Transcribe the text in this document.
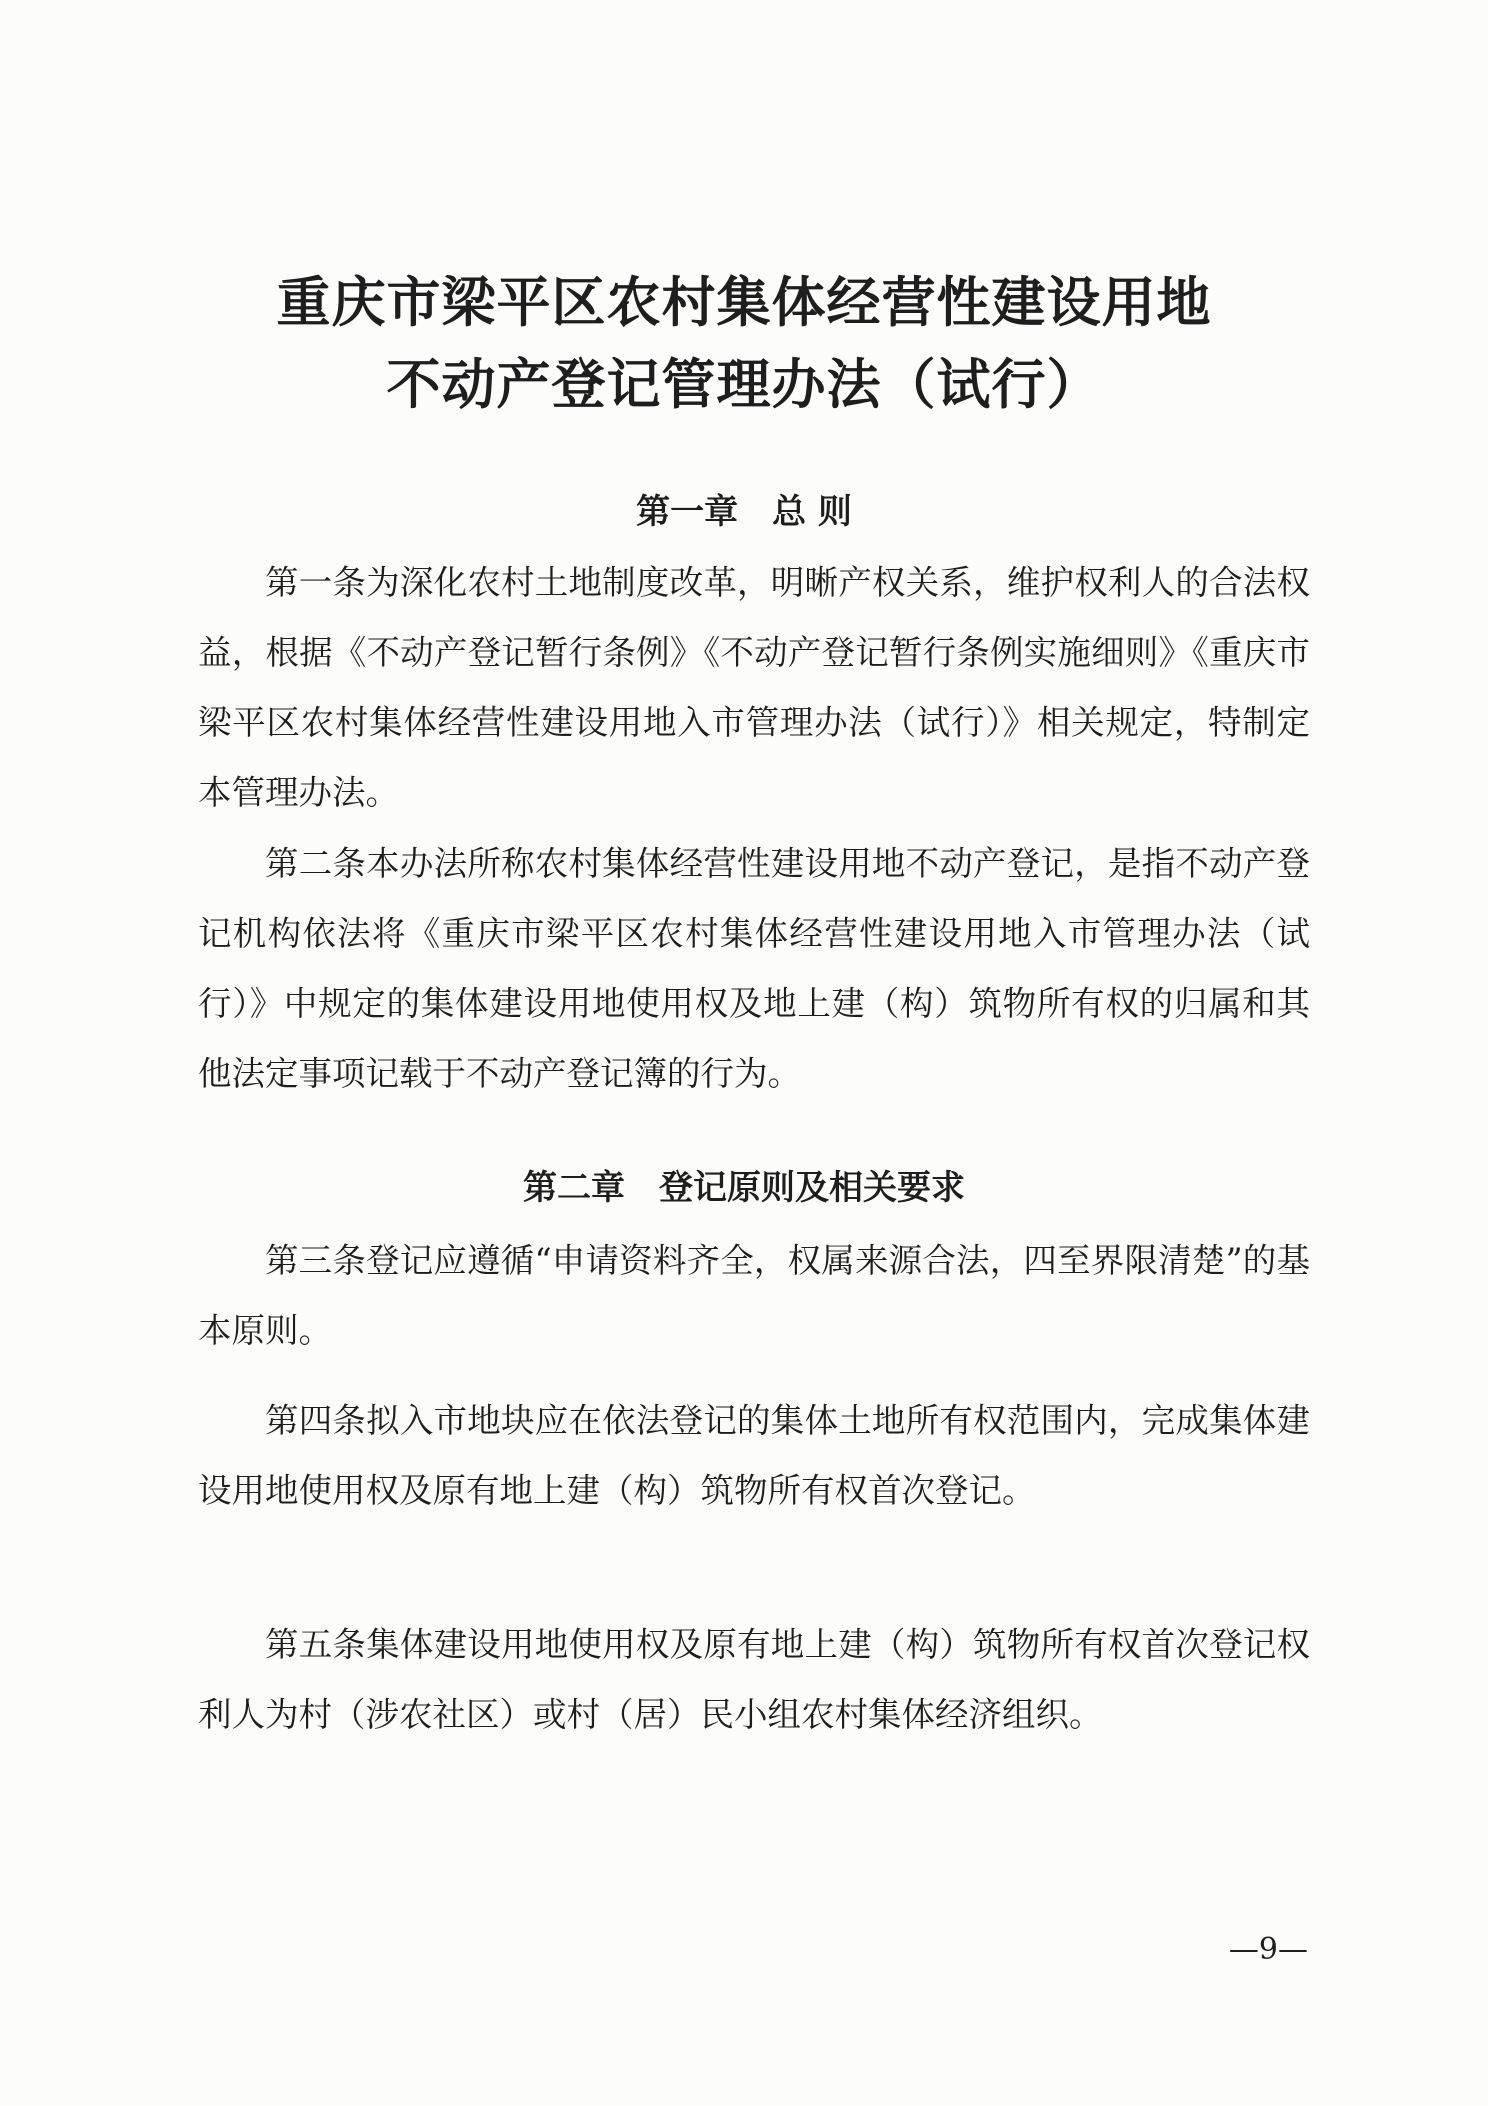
重庆市梁平区农村集体经营性建设用地
不动产登记管理办法（试行）
第一章　总 则

第一条为深化农村土地制度改革，明晰产权关系，维护权利人的合法权益，根据《不动产登记暂行条例》《不动产登记暂行条例实施细则》《重庆市梁平区农村集体经营性建设用地入市管理办法（试行）》相关规定，特制定本管理办法。

第二条本办法所称农村集体经营性建设用地不动产登记，是指不动产登记机构依法将《重庆市梁平区农村集体经营性建设用地入市管理办法（试行）》中规定的集体建设用地使用权及地上建（构）筑物所有权的归属和其他法定事项记载于不动产登记簿的行为。

第二章　登记原则及相关要求

第三条登记应遵循“申请资料齐全，权属来源合法，四至界限清楚”的基本原则。

第四条拟入市地块应在依法登记的集体土地所有权范围内，完成集体建设用地使用权及原有地上建（构）筑物所有权首次登记。

第五条集体建设用地使用权及原有地上建（构）筑物所有权首次登记权利人为村（涉农社区）或村（居）民小组农村集体经济组织。

—9—
